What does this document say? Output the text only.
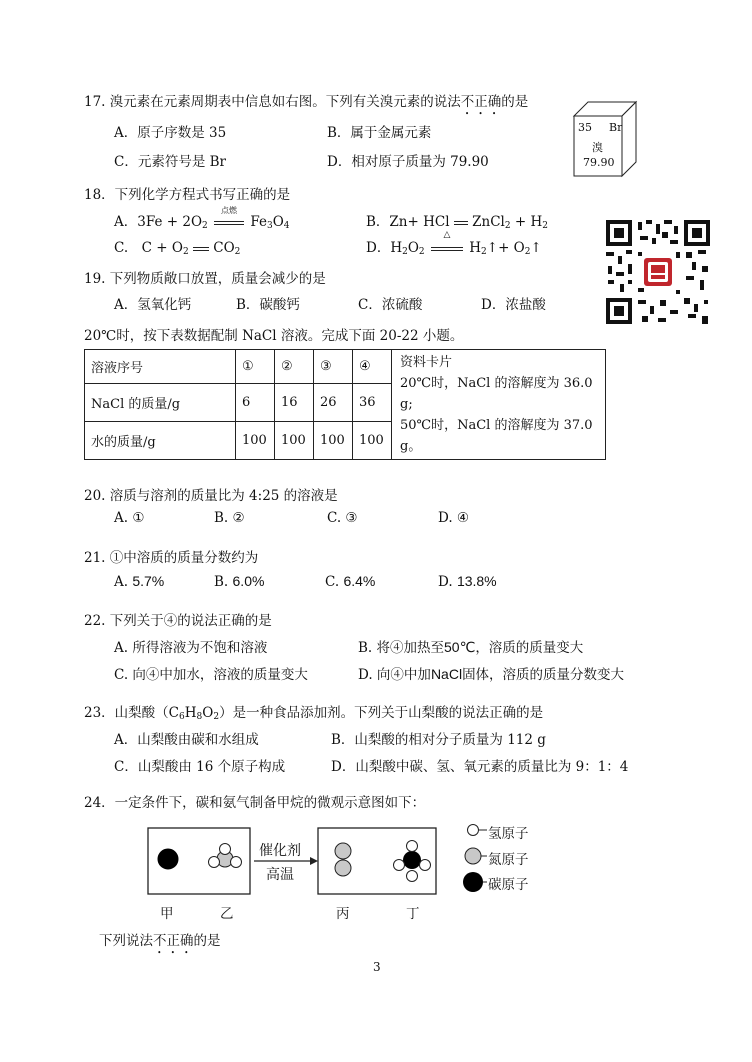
17. 溴元素在元素周期表中信息如右图。下列有关溴元素的说法不正确的是
A．原子序数是 35	B．属于金属元素
C．元素符号是 Br	D．相对原子质量为 79.90
35 Br
溴
79.90
18．下列化学方程式书写正确的是
A．$3Fe + 2O_2$
点燃
$Fe_3O_4$	B．Zn+ HCl ZnCl$_2$ + $H_2$
C.　$C + O_2$ $CO_2$	D．$H_2O_2$
△
$H_2↑+$ $O_2↑$
19. 下列物质敞口放置，质量会减少的是
A．氢氧化钙	B．碳酸钙	C．浓硫酸	D．浓盐酸
20℃时，按下表数据配制 NaCl 溶液。完成下面 20-22 小题。
溶液序号	①	②	③	④	资料卡片
20℃时，NaCl 的溶解度为 36.0 g;
50℃时，NaCl 的溶解度为 37.0 g。

NaCl 的质量/g	6	16	26	36	
水的质量/g	100	100	100	100	
20. 溶质与溶剂的质量比为 4:25 的溶液是
A. ①	B. ②	C. ③	D. ④
21. ①中溶质的质量分数约为
A. 5.7%	B. 6.0%	C. 6.4%	D. 13.8%
22. 下列关于④的说法正确的是
A. 所得溶液为不饱和溶液	B. 将④加热至50℃，溶质的质量变大
C. 向④中加水，溶液的质量变大	D. 向④中加NaCl固体，溶质的质量分数变大
23．山梨酸$(C_6H_8O_2)$是一种食品添加剂。下列关于山梨酸的说法正确的是
A．山梨酸由碳和水组成	B．山梨酸的相对分子质量为 112 g
C．山梨酸由 16 个原子构成	D．山梨酸中碳、氢、氧元素的质量比为 9：1：4
24．一定条件下，碳和氨气制备甲烷的微观示意图如下：
催化剂
高温
氢原子
氮原子
碳原子
甲	乙	丙	丁
下列说法不正确的是
3
